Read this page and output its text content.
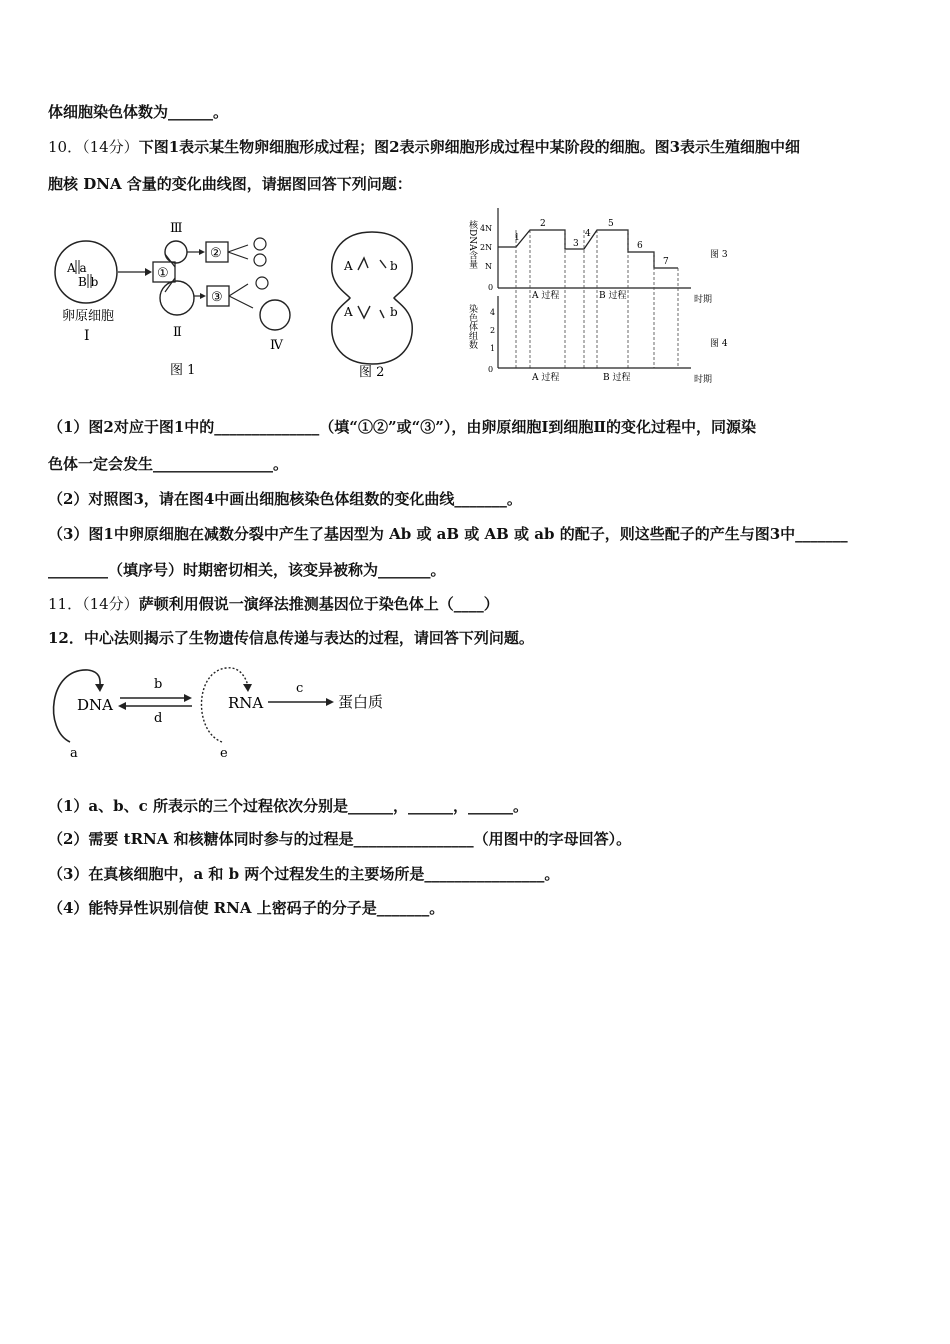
体细胞染色体数为______。
10．（14分）下图1表示某生物卵细胞形成过程；图2表示卵细胞形成过程中某阶段的细胞。图3表示生殖细胞中细
胞核 DNA 含量的变化曲线图，请据图回答下列问题：
A a
B b
卵原细胞
Ⅰ
①
Ⅲ
②
Ⅱ
③
Ⅳ
图 1
A	b
A	b
图 2
核DNA含量 4N
2N
N
0
1
2
3
4
5
6
7
A 过程	B 过程	时期
图 3
染色体组数 4
2
1
0
A 过程	B 过程	时期
图 4
（1）图2对应于图1中的______________（填“①②”或“③”），由卵原细胞Ⅰ到细胞Ⅱ的变化过程中，同源染
色体一定会发生________________。
（2）对照图3，请在图4中画出细胞核染色体组数的变化曲线_______。
（3）图1中卵原细胞在减数分裂中产生了基因型为 Ab 或 aB 或 AB 或 ab 的配子，则这些配子的产生与图3中_______
________（填序号）时期密切相关，该变异被称为_______。
11．（14分）萨顿利用假说一演绎法推测基因位于染色体上（____）
12．中心法则揭示了生物遗传信息传递与表达的过程，请回答下列问题。
DNA
a
b
d
RNA
e
c
蛋白质
（1）a、b、c 所表示的三个过程依次分别是______，______，______。
（2）需要 tRNA 和核糖体同时参与的过程是________________（用图中的字母回答）。
（3）在真核细胞中，a 和 b 两个过程发生的主要场所是________________。
（4）能特异性识别信使 RNA 上密码子的分子是_______。
